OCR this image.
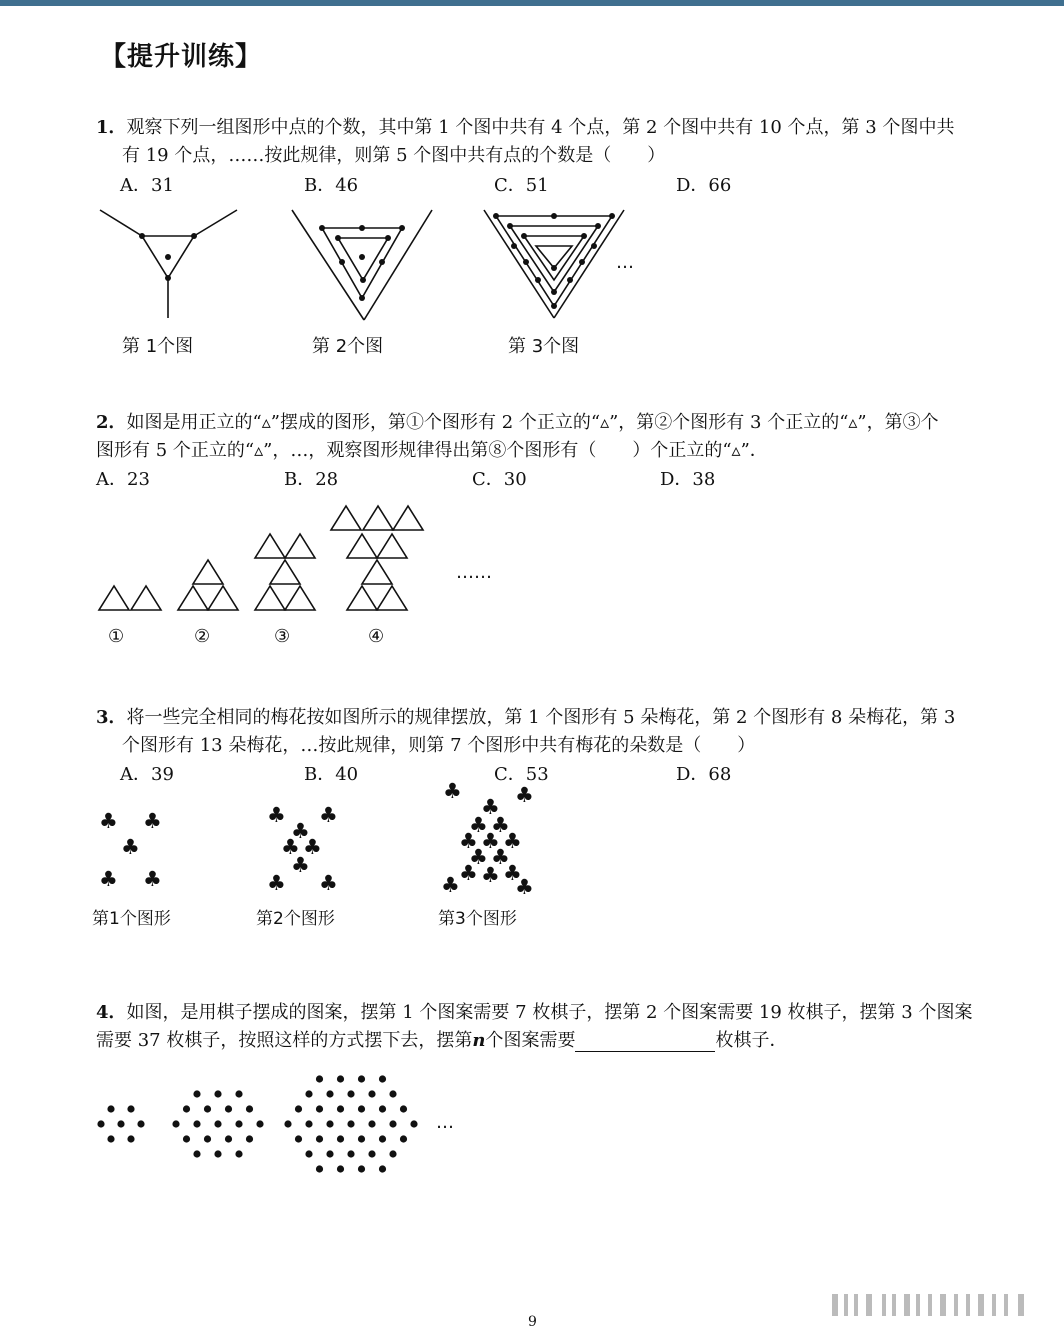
【提升训练】
1．观察下列一组图形中点的个数，其中第 1 个图中共有 4 个点，第 2 个图中共有 10 个点，第 3 个图中共
有 19 个点，……按此规律，则第 5 个图中共有点的个数是（　　）
A．31	B．46	C．51	D．66
…
第 1个图	第 2个图	第 3个图
2．如图是用正立的“▵”摆成的图形，第①个图形有 2 个正立的“▵”，第②个图形有 3 个正立的“▵”，第③个
图形有 5 个正立的“▵”，…，观察图形规律得出第⑧个图形有（　　）个正立的“▵”．
A．23	B．28	C．30	D．38
……
①	②	③	④
3．将一些完全相同的梅花按如图所示的规律摆放，第 1 个图形有 5 朵梅花，第 2 个图形有 8 朵梅花，第 3
个图形有 13 朵梅花，…按此规律，则第 7 个图形中共有梅花的朵数是（　　）
A．39	B．40	C．53	D．68
♣ ♣
♣
♣ ♣
♣ ♣
♣
♣ ♣
♣
♣ ♣
♣	♣
♣
♣ ♣
♣ ♣ ♣
♣ ♣
♣ ♣
♣
♣	♣
第1个图形	第2个图形	第3个图形
4．如图，是用棋子摆成的图案，摆第 1 个图案需要 7 枚棋子，摆第 2 个图案需要 19 枚棋子，摆第 3 个图案
需要 37 枚棋子，按照这样的方式摆下去，摆第n个图案需要	枚棋子．
…
9
